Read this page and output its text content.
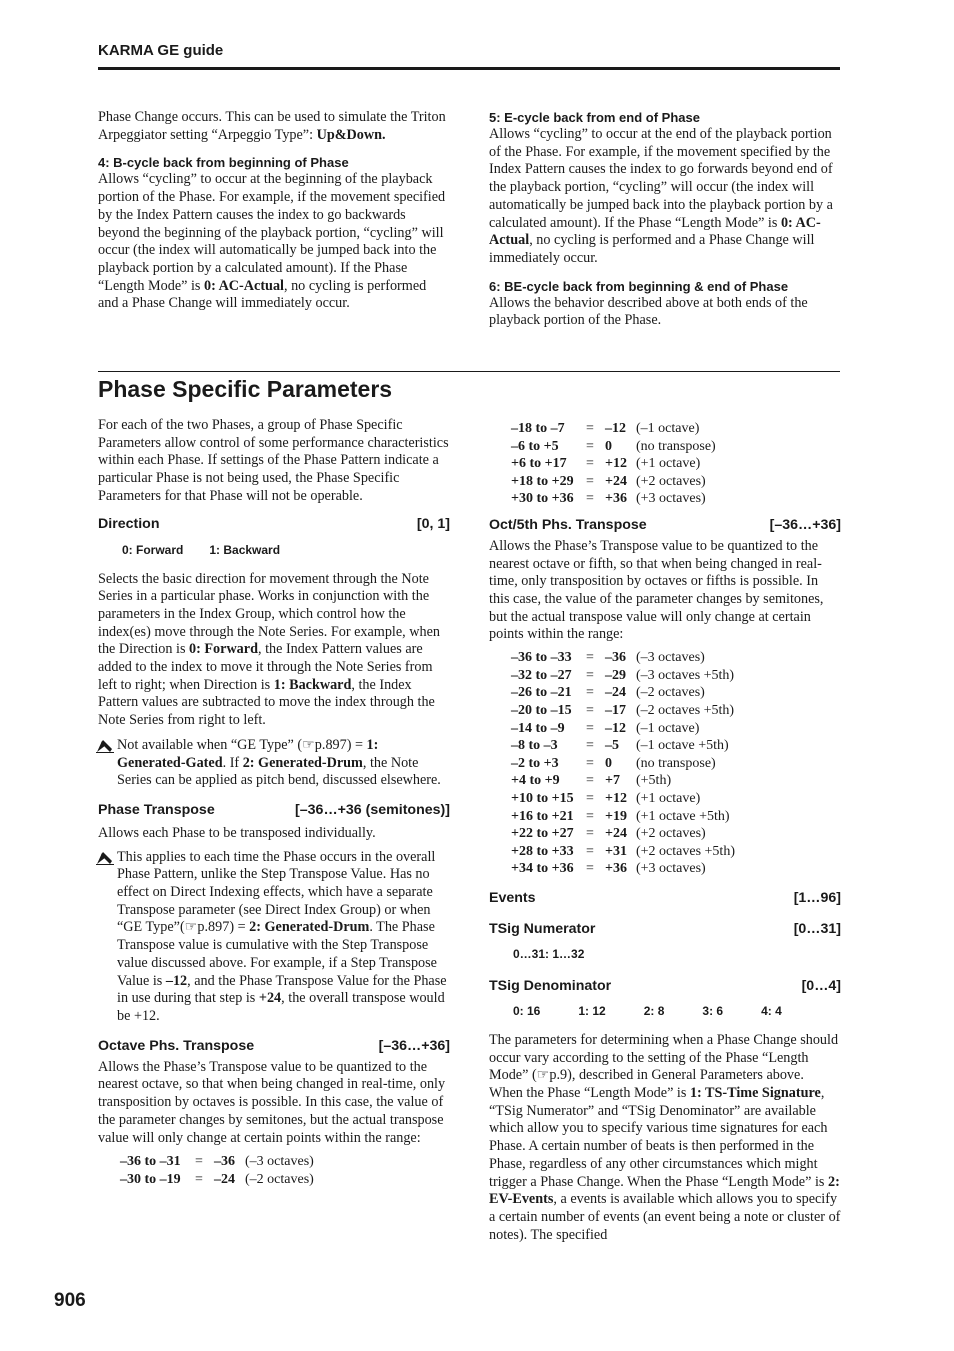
KARMA GE guide

Phase Change occurs. This can be used to simulate the Triton Arpeggiator setting “Arpeggio Type”: Up&Down.

4: B-cycle back from beginning of Phase

Allows “cycling” to occur at the beginning of the playback portion of the Phase. For example, if the movement specified by the Index Pattern causes the index to go backwards beyond the beginning of the playback portion, “cycling” will occur (the index will automatically be jumped back into the playback portion by a calculated amount). If the Phase “Length Mode” is 0: AC-Actual, no cycling is performed and a Phase Change will immediately occur.

5: E-cycle back from end of Phase

Allows “cycling” to occur at the end of the playback portion of the Phase. For example, if the movement specified by the Index Pattern causes the index to go forwards beyond end of the playback portion, “cycling” will occur (the index will automatically be jumped back into the playback portion by a calculated amount). If the Phase “Length Mode” is 0: AC-Actual, no cycling is performed and a Phase Change will immediately occur.

6: BE-cycle back from beginning & end of Phase

Allows the behavior described above at both ends of the playback portion of the Phase.

Phase Specific Parameters

For each of the two Phases, a group of Phase Specific Parameters allow control of some performance characteristics within each Phase. If settings of the Phase Pattern indicate a particular Phase is not being used, the Phase Specific Parameters for that Phase will not be operable.

Direction	[0, 1]

0: Forward 1: Backward

Selects the basic direction for movement through the Note Series in a particular phase. Works in conjunction with the parameters in the Index Group, which control how the index(es) move through the Note Series. For example, when the Direction is 0: Forward, the Index Pattern values are added to the index to move it through the Note Series from left to right; when Direction is 1: Backward, the Index Pattern values are subtracted to move the index through the Note Series from right to left.

Not available when “GE Type” (☞p.897) = 1: Generated-Gated. If 2: Generated-Drum, the Note Series can be applied as pitch bend, discussed elsewhere.

Phase Transpose	[–36…+36 (semitones)]

Allows each Phase to be transposed individually.

This applies to each time the Phase occurs in the overall Phase Pattern, unlike the Step Transpose Value. Has no effect on Direct Indexing effects, which have a separate Transpose parameter (see Direct Index Group) or when “GE Type”(☞p.897) = 2: Generated-Drum. The Phase Transpose value is cumulative with the Step Transpose value discussed above. For example, if a Step Transpose Value is –12, and the Phase Transpose Value for the Phase in use during that step is +24, the overall transpose would be +12.

Octave Phs. Transpose	[–36…+36]

Allows the Phase’s Transpose value to be quantized to the nearest octave, so that when being changed in real-time, only transposition by octaves is possible. In this case, the value of the parameter changes by semitones, but the actual transpose value will only change at certain points within the range:

–36 to –31	=	–36	(–3 octaves)
–30 to –19	=	–24	(–2 octaves)
–18 to –7	=	–12	(–1 octave)
–6 to +5	=	0	(no transpose)
+6 to +17	=	+12	(+1 octave)
+18 to +29	=	+24	(+2 octaves)
+30 to +36	=	+36	(+3 octaves)
Oct/5th Phs. Transpose	[–36…+36]

Allows the Phase’s Transpose value to be quantized to the nearest octave or fifth, so that when being changed in real-time, only transposition by octaves or fifths is possible. In this case, the value of the parameter changes by semitones, but the actual transpose value will only change at certain points within the range:

–36 to –33	=	–36	(–3 octaves)
–32 to –27	=	–29	(–3 octaves +5th)
–26 to –21	=	–24	(–2 octaves)
–20 to –15	=	–17	(–2 octaves +5th)
–14 to –9	=	–12	(–1 octave)
–8 to –3	=	–5	(–1 octave +5th)
–2 to +3	=	0	(no transpose)
+4 to +9	=	+7	(+5th)
+10 to +15	=	+12	(+1 octave)
+16 to +21	=	+19	(+1 octave +5th)
+22 to +27	=	+24	(+2 octaves)
+28 to +33	=	+31	(+2 octaves +5th)
+34 to +36	=	+36	(+3 octaves)
Events	[1…96]
TSig Numerator	[0…31]

0…31: 1…32

TSig Denominator	[0…4]

0: 16	1: 12	2: 8	3: 6	4: 4

The parameters for determining when a Phase Change should occur vary according to the setting of the Phase “Length Mode” (☞p.9), described in General Parameters above. When the Phase “Length Mode” is 1: TS-Time Signature, “TSig Numerator” and “TSig Denominator” are available which allow you to specify various time signatures for each Phase. A certain number of beats is then performed in the Phase, regardless of any other circumstances which might trigger a Phase Change. When the Phase “Length Mode” is 2: EV-Events, a events is available which allows you to specify a certain number of events (an event being a note or cluster of notes). The specified

906
